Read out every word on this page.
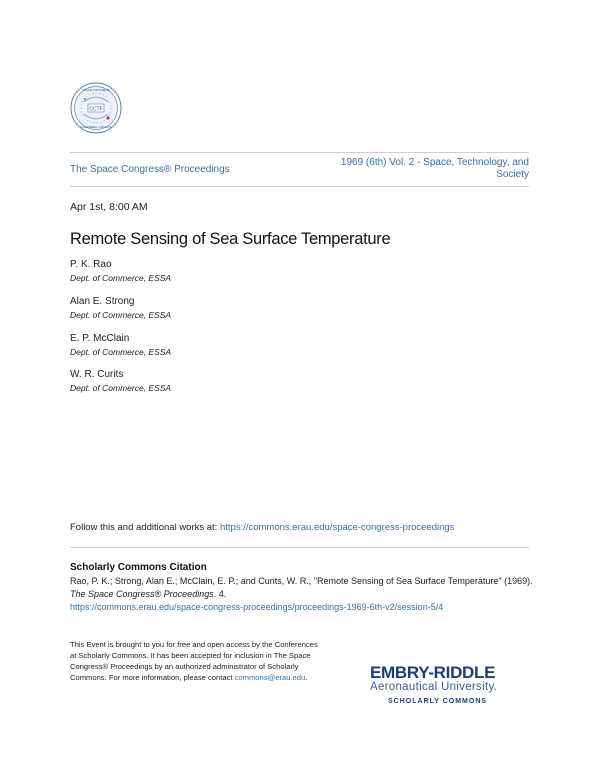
CCTF
SPACE CONGRESS
CANAVERAL COUNCIL
The Space Congress® Proceedings
1969 (6th) Vol. 2 - Space, Technology, and Society
Apr 1st, 8:00 AM
Remote Sensing of Sea Surface Temperature
P. K. Rao
Dept. of Commerce, ESSA
Alan E. Strong
Dept. of Commerce, ESSA
E. P. McClain
Dept. of Commerce, ESSA
W. R. Curits
Dept. of Commerce, ESSA
Follow this and additional works at: https://commons.erau.edu/space-congress-proceedings
Scholarly Commons Citation
Rao, P. K.; Strong, Alan E.; McClain, E. P.; and Curits, W. R., "Remote Sensing of Sea Surface Temperature" (1969). The Space Congress® Proceedings. 4.
https://commons.erau.edu/space-congress-proceedings/proceedings-1969-6th-v2/session-5/4
This Event is brought to you for free and open access by the Conferences at Scholarly Commons. It has been accepted for inclusion in The Space Congress® Proceedings by an authorized administrator of Scholarly Commons. For more information, please contact commons@erau.edu.	EMBRY-RIDDLE
Aeronautical University.
SCHOLARLY COMMONS
